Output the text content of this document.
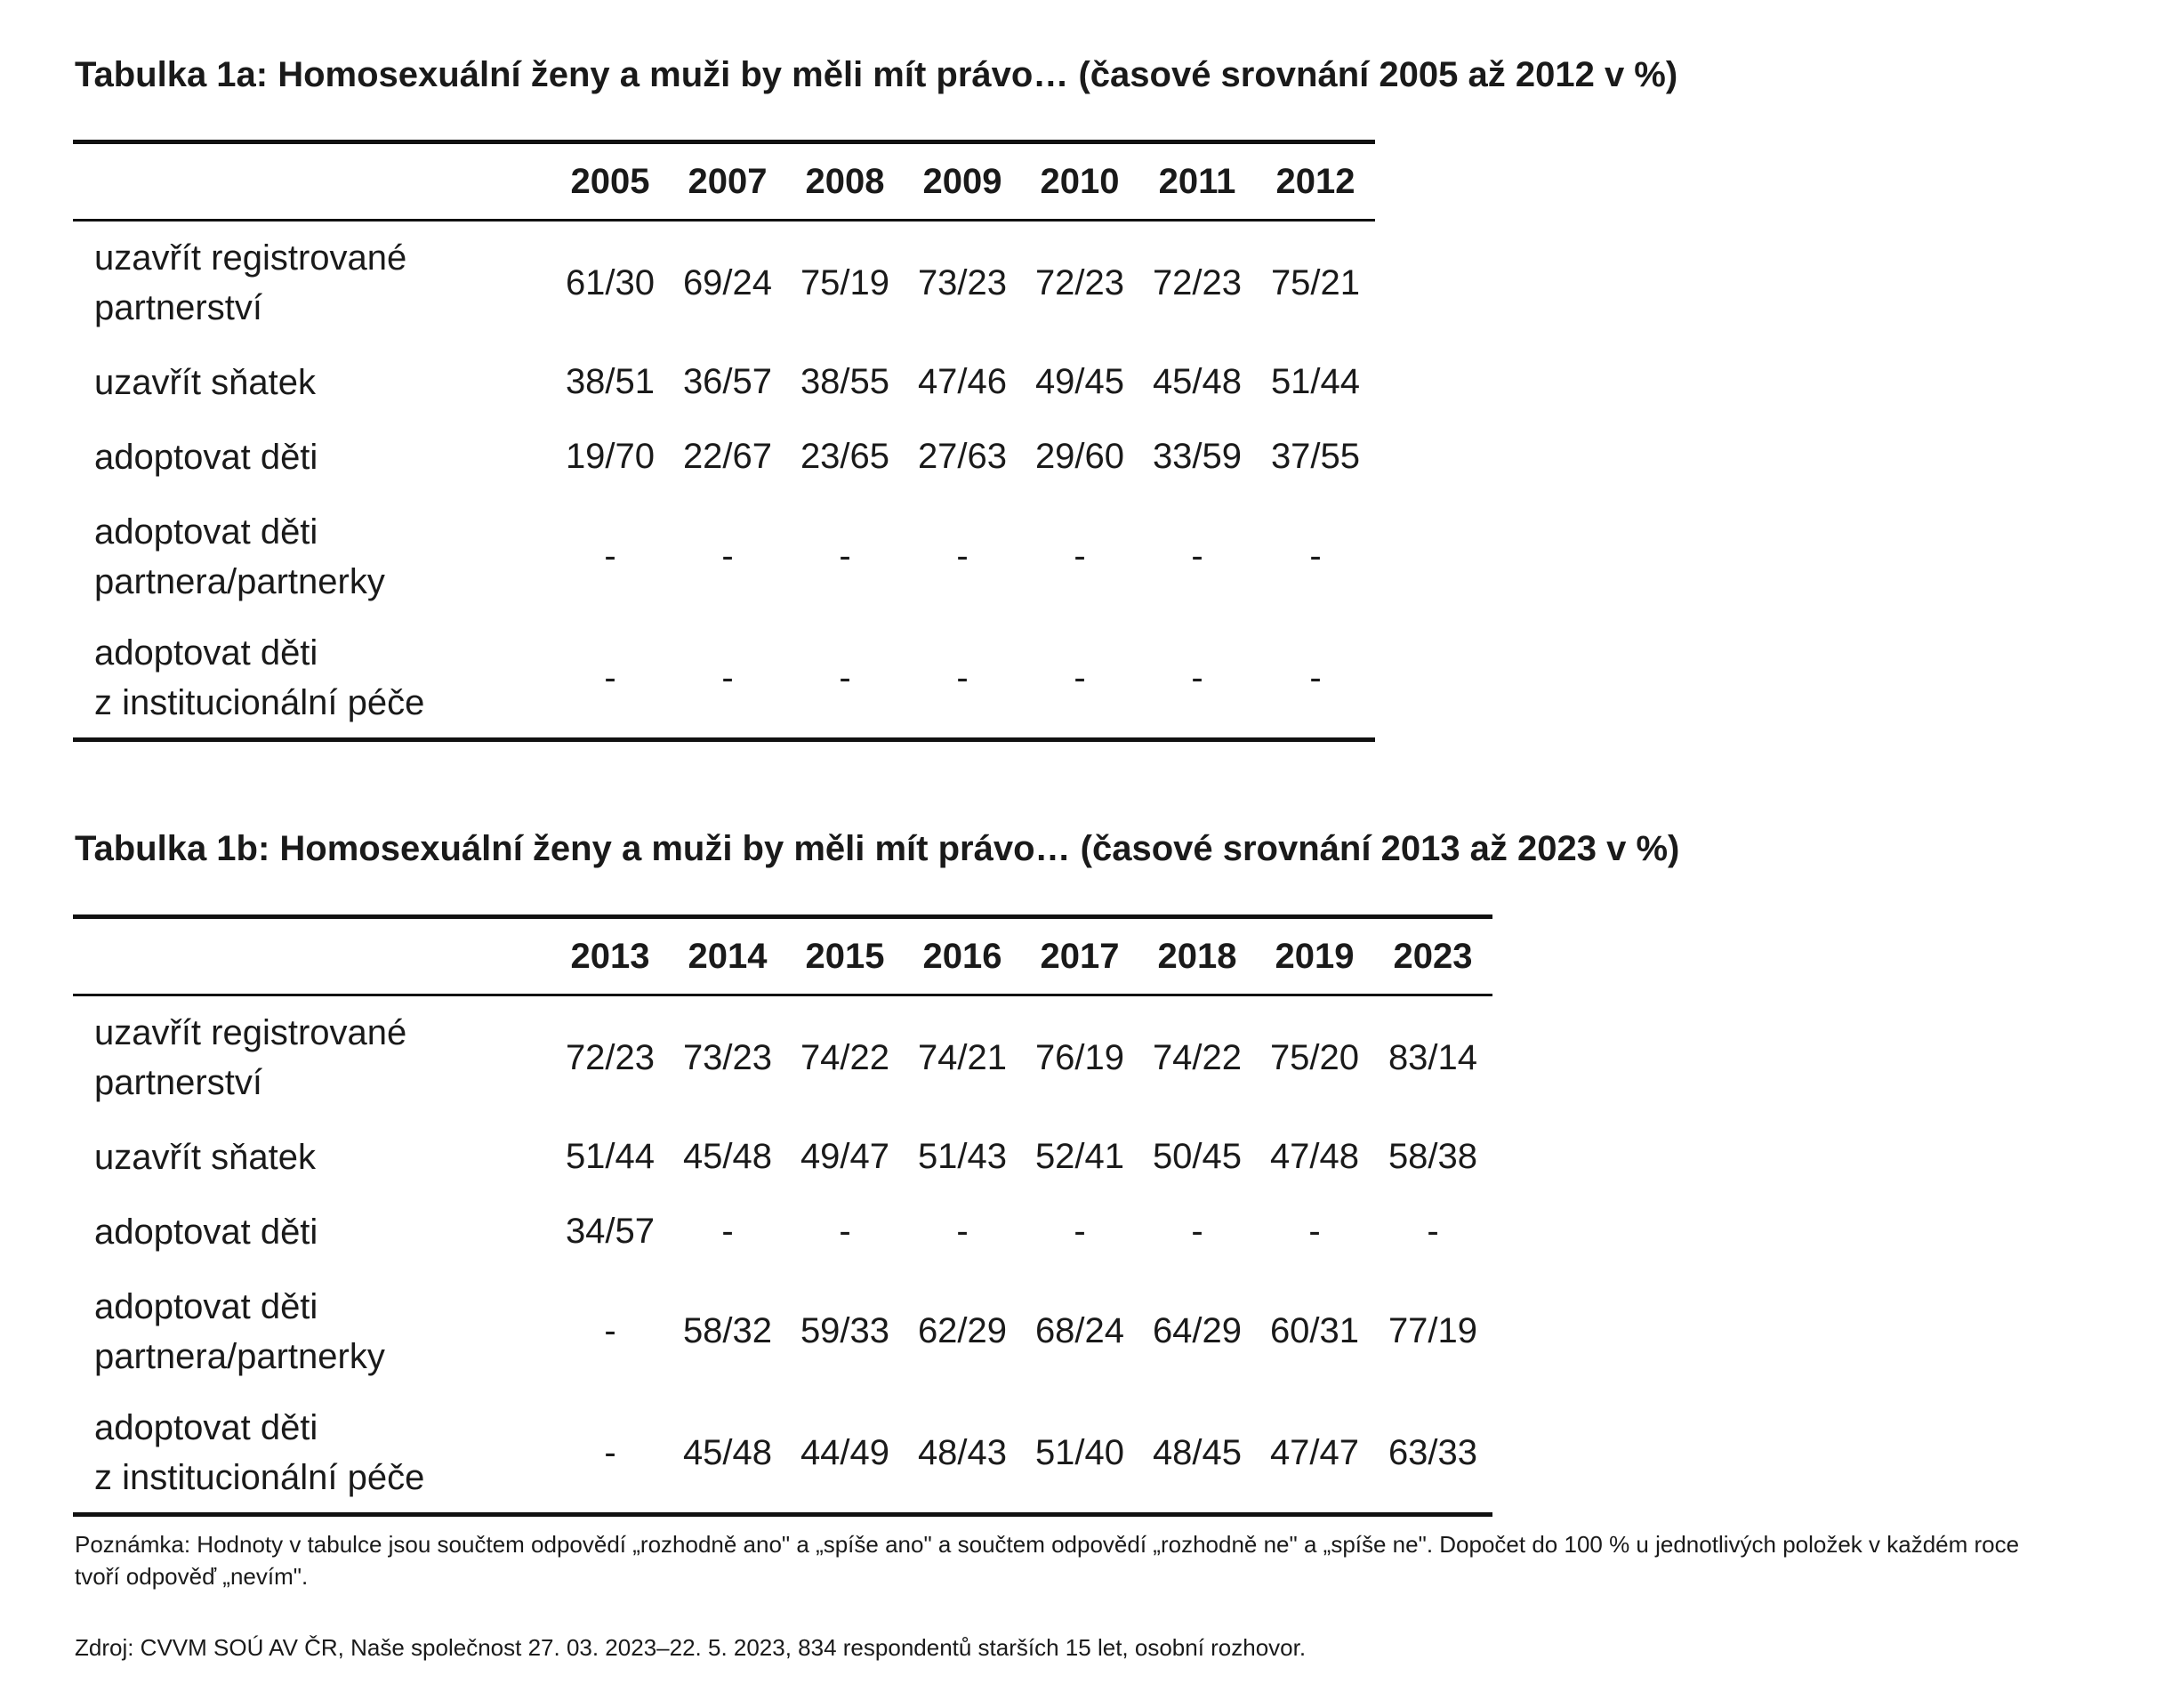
Tabulka 1a: Homosexuální ženy a muži by měli mít právo… (časové srovnání 2005 až 2012 v %)
	2005	2007	2008	2009	2010	2011	2012
uzavřít registrované
partnerství	61/30	69/24	75/19	73/23	72/23	72/23	75/21
uzavřít sňatek	38/51	36/57	38/55	47/46	49/45	45/48	51/44
adoptovat děti	19/70	22/67	23/65	27/63	29/60	33/59	37/55
adoptovat děti
partnera/partnerky	-	-	-	-	-	-	-
adoptovat děti
z institucionální péče	-	-	-	-	-	-	-
Tabulka 1b: Homosexuální ženy a muži by měli mít právo… (časové srovnání 2013 až 2023 v %)
	2013	2014	2015	2016	2017	2018	2019	2023
uzavřít registrované
partnerství	72/23	73/23	74/22	74/21	76/19	74/22	75/20	83/14
uzavřít sňatek	51/44	45/48	49/47	51/43	52/41	50/45	47/48	58/38
adoptovat děti	34/57	-	-	-	-	-	-	-
adoptovat děti
partnera/partnerky	-	58/32	59/33	62/29	68/24	64/29	60/31	77/19
adoptovat děti
z institucionální péče	-	45/48	44/49	48/43	51/40	48/45	47/47	63/33
Poznámka: Hodnoty v tabulce jsou součtem odpovědí „rozhodně ano" a „spíše ano" a součtem odpovědí „rozhodně ne" a „spíše ne". Dopočet do 100 % u jednotlivých položek v každém roce tvoří odpověď „nevím".
Zdroj: CVVM SOÚ AV ČR, Naše společnost 27. 03. 2023–22. 5. 2023, 834 respondentů starších 15 let, osobní rozhovor.
